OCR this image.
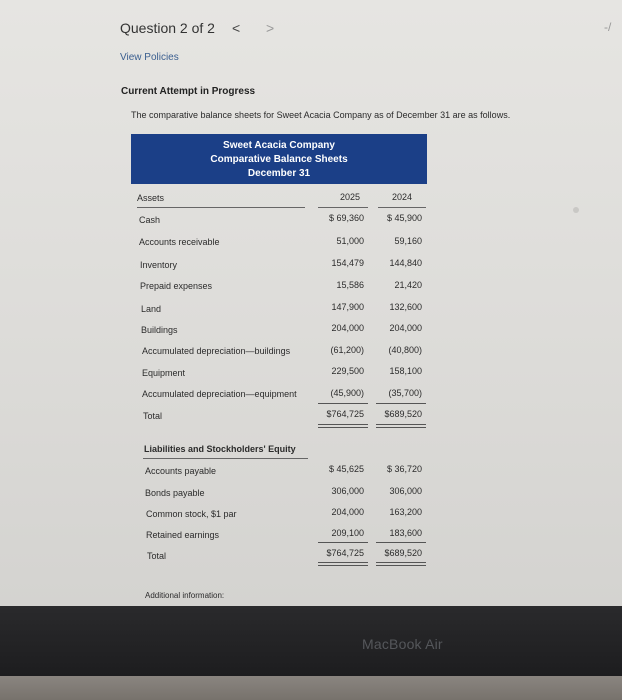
Question 2 of 2 < >	-/
View Policies
Current Attempt in Progress
The comparative balance sheets for Sweet Acacia Company as of December 31 are as follows.
Sweet Acacia Company
Comparative Balance Sheets
December 31
Assets	2025	2024
Cash	$ 69,360	$ 45,900
Accounts receivable	51,000	59,160
Inventory	154,479	144,840
Prepaid expenses	15,586	21,420
Land	147,900	132,600
Buildings	204,000	204,000
Accumulated depreciation—buildings	(61,200)	(40,800)
Equipment	229,500	158,100
Accumulated depreciation—equipment	(45,900)	(35,700)
Total	$764,725	$689,520
Liabilities and Stockholders' Equity
Accounts payable	$ 45,625	$ 36,720
Bonds payable	306,000	306,000
Common stock, $1 par	204,000	163,200
Retained earnings	209,100	183,600
Total	$764,725	$689,520
Additional information:
MacBook Air
